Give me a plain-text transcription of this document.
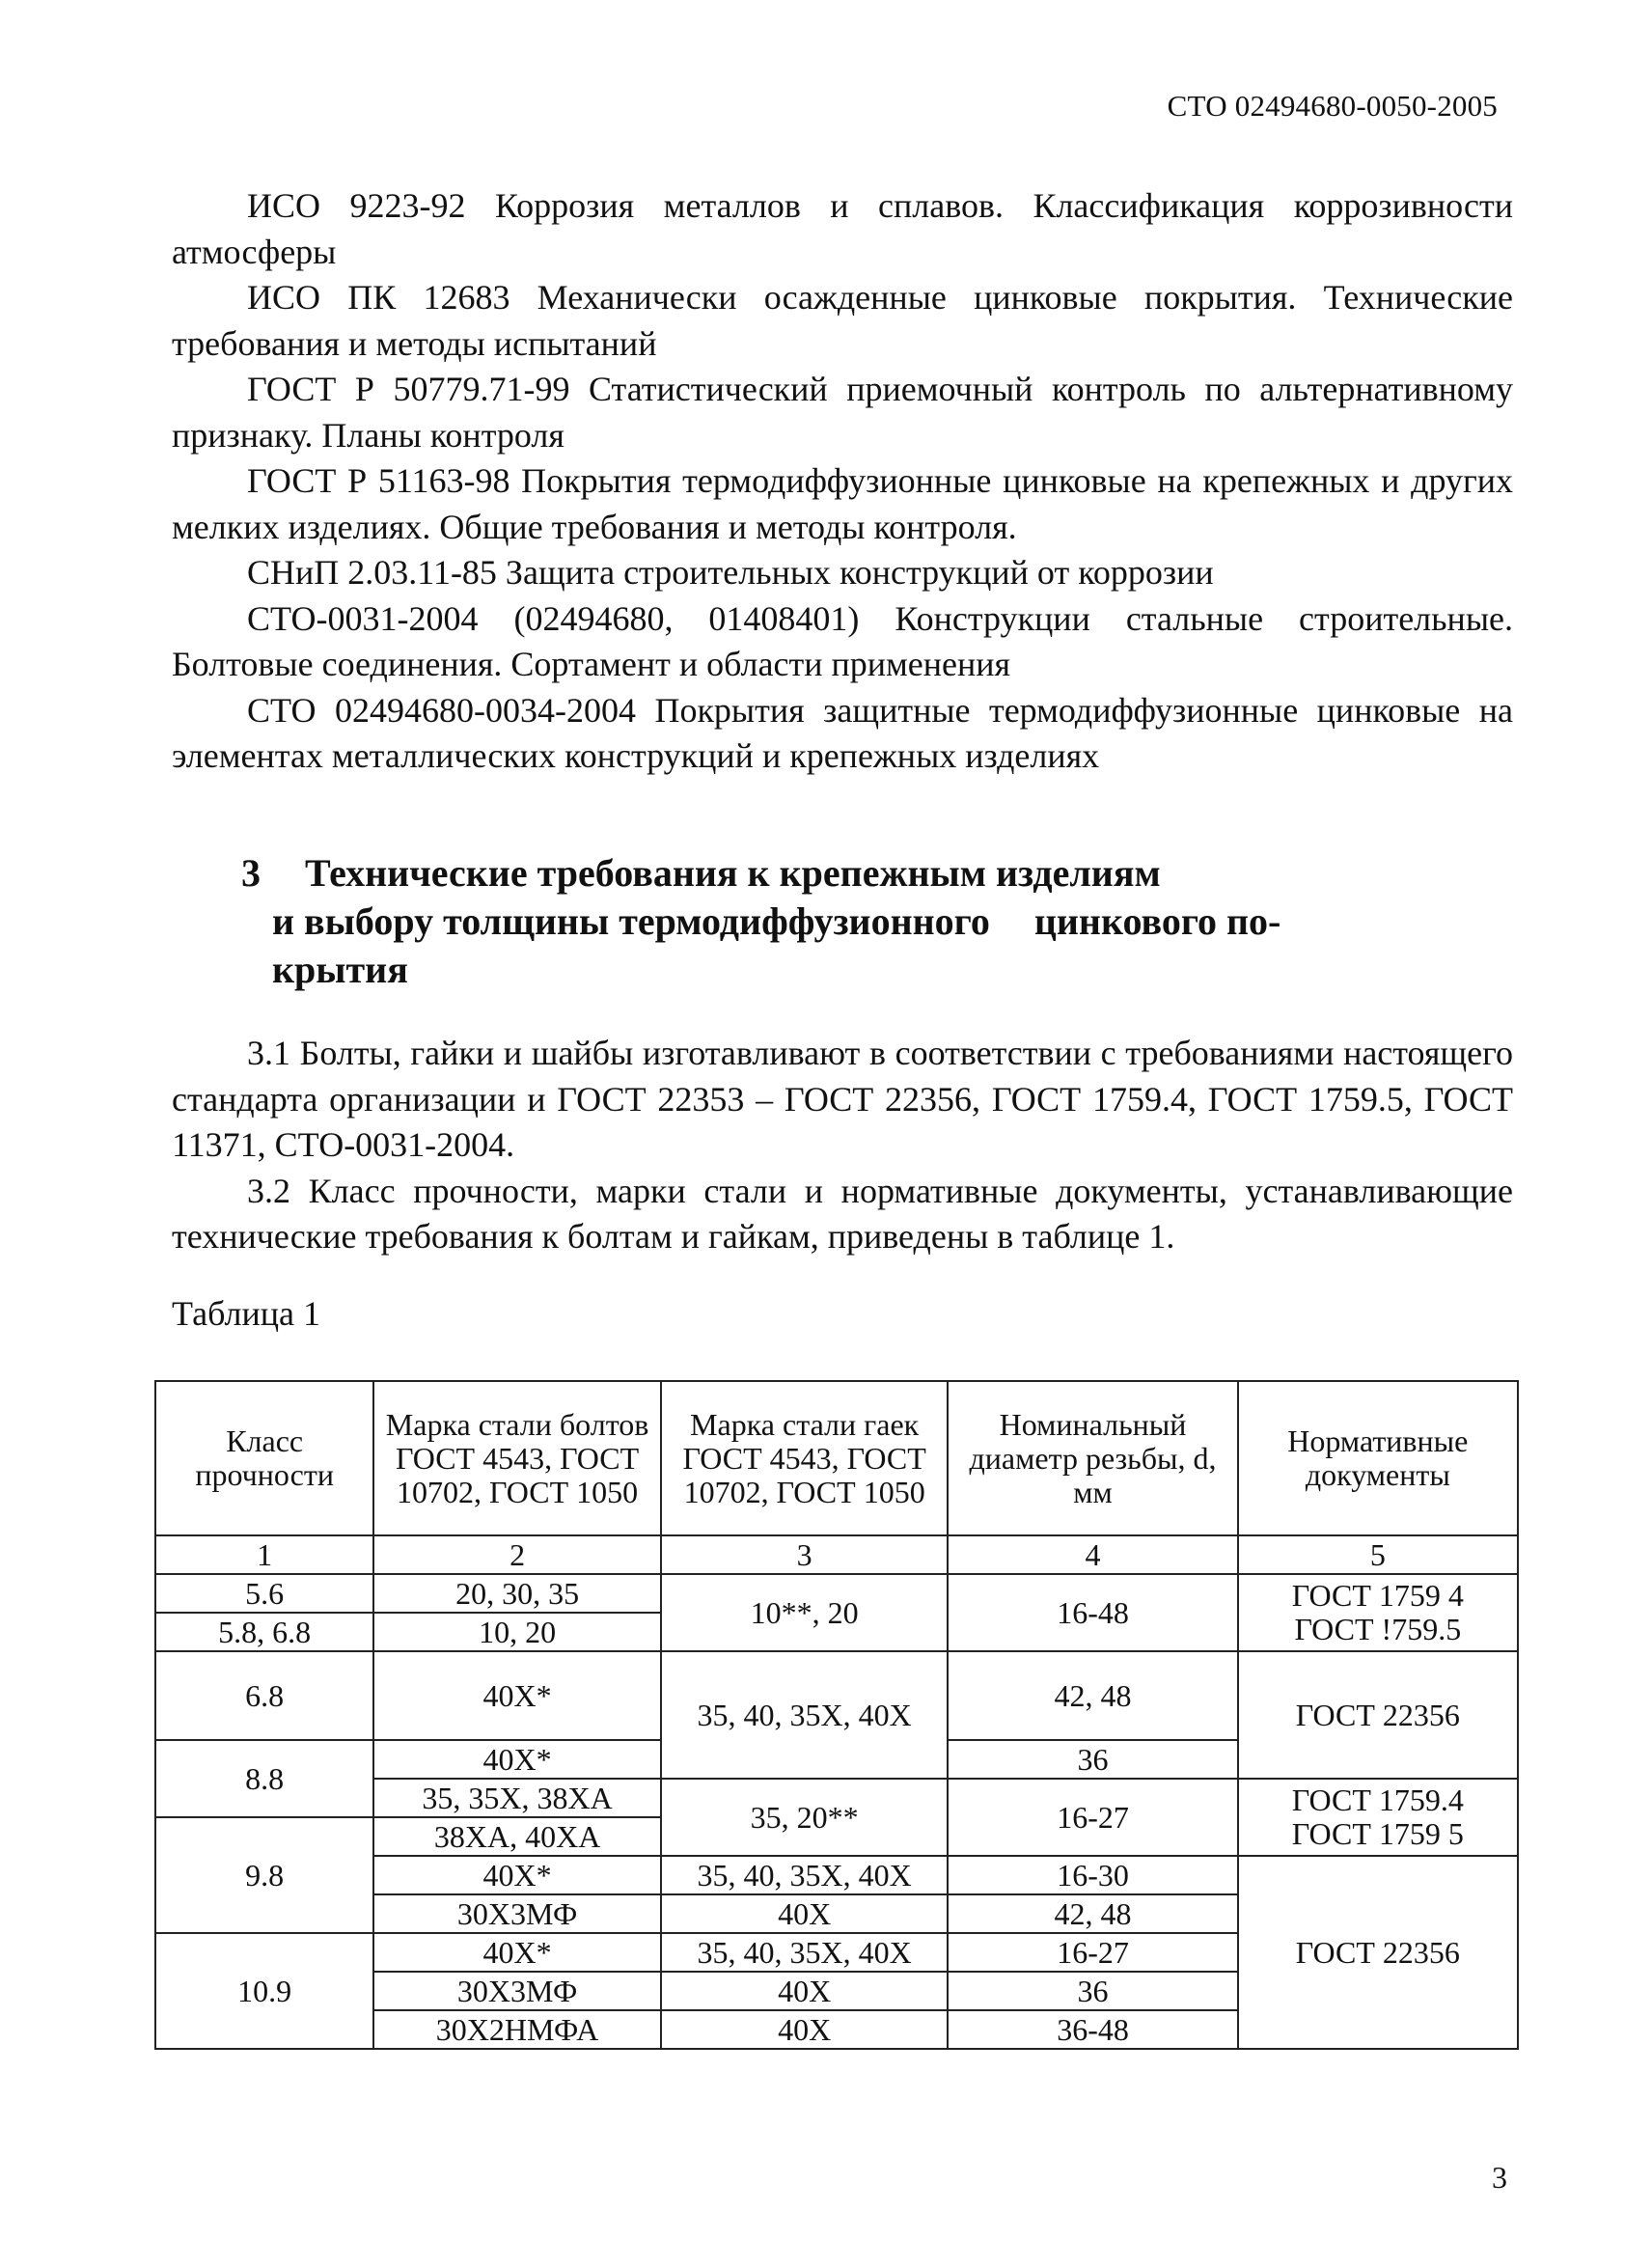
СТО 02494680-0050-2005

ИСО 9223-92 Коррозия металлов и сплавов. Классификация коррозивности атмосферы

ИСО ПК 12683 Механически осажденные цинковые покрытия. Технические требования и методы испытаний

ГОСТ Р 50779.71-99 Статистический приемочный контроль по альтернативному признаку. Планы контроля

ГОСТ Р 51163-98 Покрытия термодиффузионные цинковые на крепежных и других мелких изделиях. Общие требования и методы контроля.

СНиП 2.03.11-85 Защита строительных конструкций от коррозии

СТО-0031-2004 (02494680, 01408401) Конструкции стальные строительные. Болтовые соединения. Сортамент и области применения

СТО 02494680-0034-2004 Покрытия защитные термодиффузионные цинковые на элементах металлических конструкций и крепежных изделиях

3 Технические требования к крепежным изделиям
и выбору толщины термодиффузионного цинкового по-
крытия

3.1 Болты, гайки и шайбы изготавливают в соответствии с требованиями настоящего стандарта организации и ГОСТ 22353 – ГОСТ 22356, ГОСТ 1759.4, ГОСТ 1759.5, ГОСТ 11371, СТО-0031-2004.

3.2 Класс прочности, марки стали и нормативные документы, устанавливающие технические требования к болтам и гайкам, приведены в таблице 1.

Таблица 1
Класс прочности	Марка стали болтов ГОСТ 4543, ГОСТ 10702, ГОСТ 1050	Марка стали гаек ГОСТ 4543, ГОСТ 10702, ГОСТ 1050	Номинальный диаметр резьбы, d, мм	Нормативные документы
1	2	3	4	5
5.6	20, 30, 35	10**, 20	16-48	ГОСТ 1759 4
ГОСТ !759.5
5.8, 6.8	10, 20			
6.8	40Х*	35, 40, 35Х, 40Х	42, 48	ГОСТ 22356
8.8	40Х*		36	
	35, 35Х, 38ХА	35, 20**	16-27	ГОСТ 1759.4
ГОСТ 1759 5
9.8	38ХА, 40ХА			
	40Х*	35, 40, 35Х, 40Х	16-30	ГОСТ 22356
	30Х3МФ	40Х	42, 48	
10.9	40Х*	35, 40, 35Х, 40Х	16-27	
	30Х3МФ	40Х	36	
	30Х2НМФА	40Х	36-48	
3
